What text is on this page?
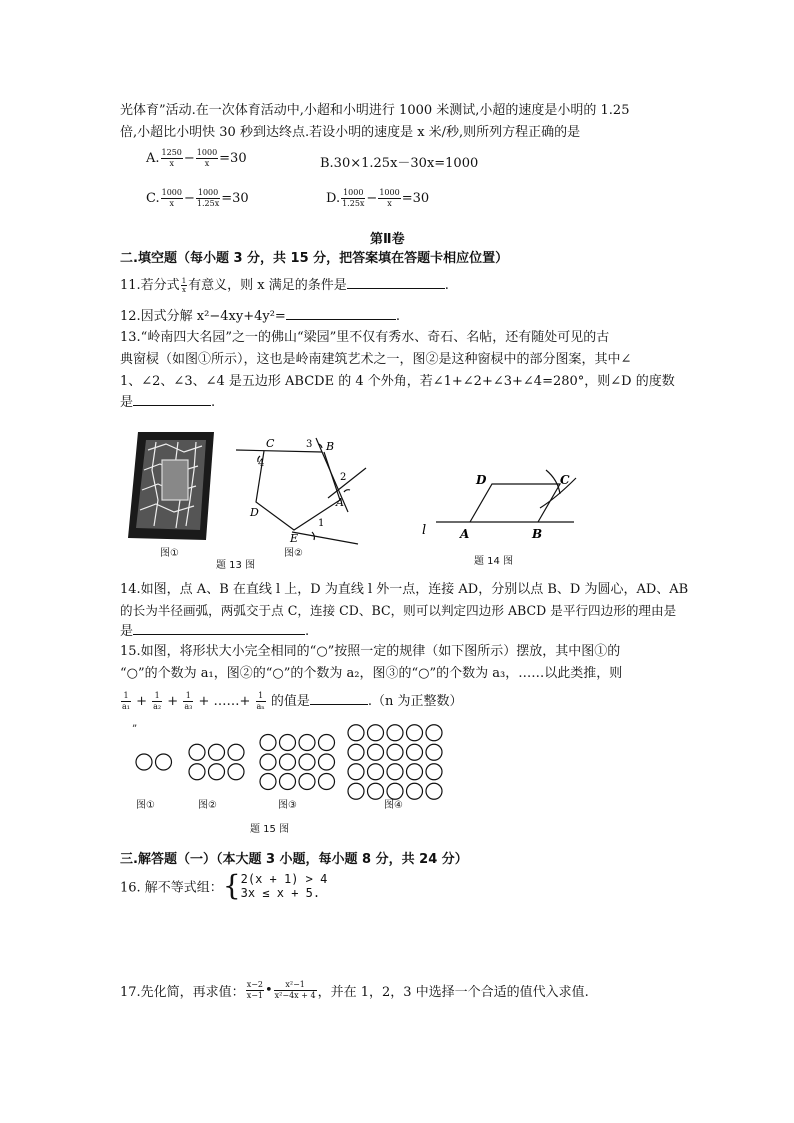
光体育”活动.在一次体育活动中,小超和小明进行 1000 米测试,小超的速度是小明的 1.25
倍,小超比小明快 30 秒到达终点.若设小明的速度是 x 米/秒,则所列方程正确的是
A. $\frac{1250}{x} - \frac{1000}{x} =30$	B.30×1.25x－30x=1000
C. $\frac{1000}{x} - \frac{1000}{1.25x} =30$	D. $\frac{1000}{1.25x} - \frac{1000}{x} =30$
第Ⅱ卷
二.填空题（每小题 3 分，共 15 分，把答案填在答题卡相应位置）
11.若分式 $\frac{1}{x}$ 有意义，则 x 满足的条件是	.
12.因式分解 x²−4xy+4y²=	.
13.“岭南四大名园”之一的佛山“梁园”里不仅有秀水、奇石、名帖，还有随处可见的古
典窗棂（如图①所示），这也是岭南建筑艺术之一，图②是这种窗棂中的部分图案，其中∠
1、∠2、∠3、∠4 是五边形 ABCDE 的 4 个外角，若∠1+∠2+∠3+∠4=280°，则∠D 的度数
是	.
图①
C	3 B
4
2
A
D
E
1
图②
题 13 图
l	A	B
D	C
题 14 图
14.如图，点 A、B 在直线 l 上，D 为直线 l 外一点，连接 AD，分别以点 B、D 为圆心，AD、AB
的长为半径画弧，两弧交于点 C，连接 CD、BC，则可以判定四边形 ABCD 是平行四边形的理由是
是	.
15.如图，将形状大小完全相同的“○”按照一定的规律（如下图所示）摆放，其中图①的
“○”的个数为 a₁，图②的“○”的个数为 a₂，图③的“○”的个数为 a₃，……以此类推，则
$\frac{1}{\text{a₁}} + \frac{1}{\text{a₂}} + \frac{1}{\text{a₃}}$ + ……+ $\frac{1}{\text{aₙ}}$ 的值是	.（n 为正整数）
”
图①	图②	图③	图④
题 15 图
三.解答题（一）（本大题 3 小题，每小题 8 分，共 24 分）
16. 解不等式组：{ 2(x + 1) > 4
3x ≤ x + 5.
17.先化简，再求值： $\frac{x-2}{x-1}$ • $\frac{\text{x²−1}}{\text{x²−4x + 4}}$ ，并在 1，2，3 中选择一个合适的值代入求值.
